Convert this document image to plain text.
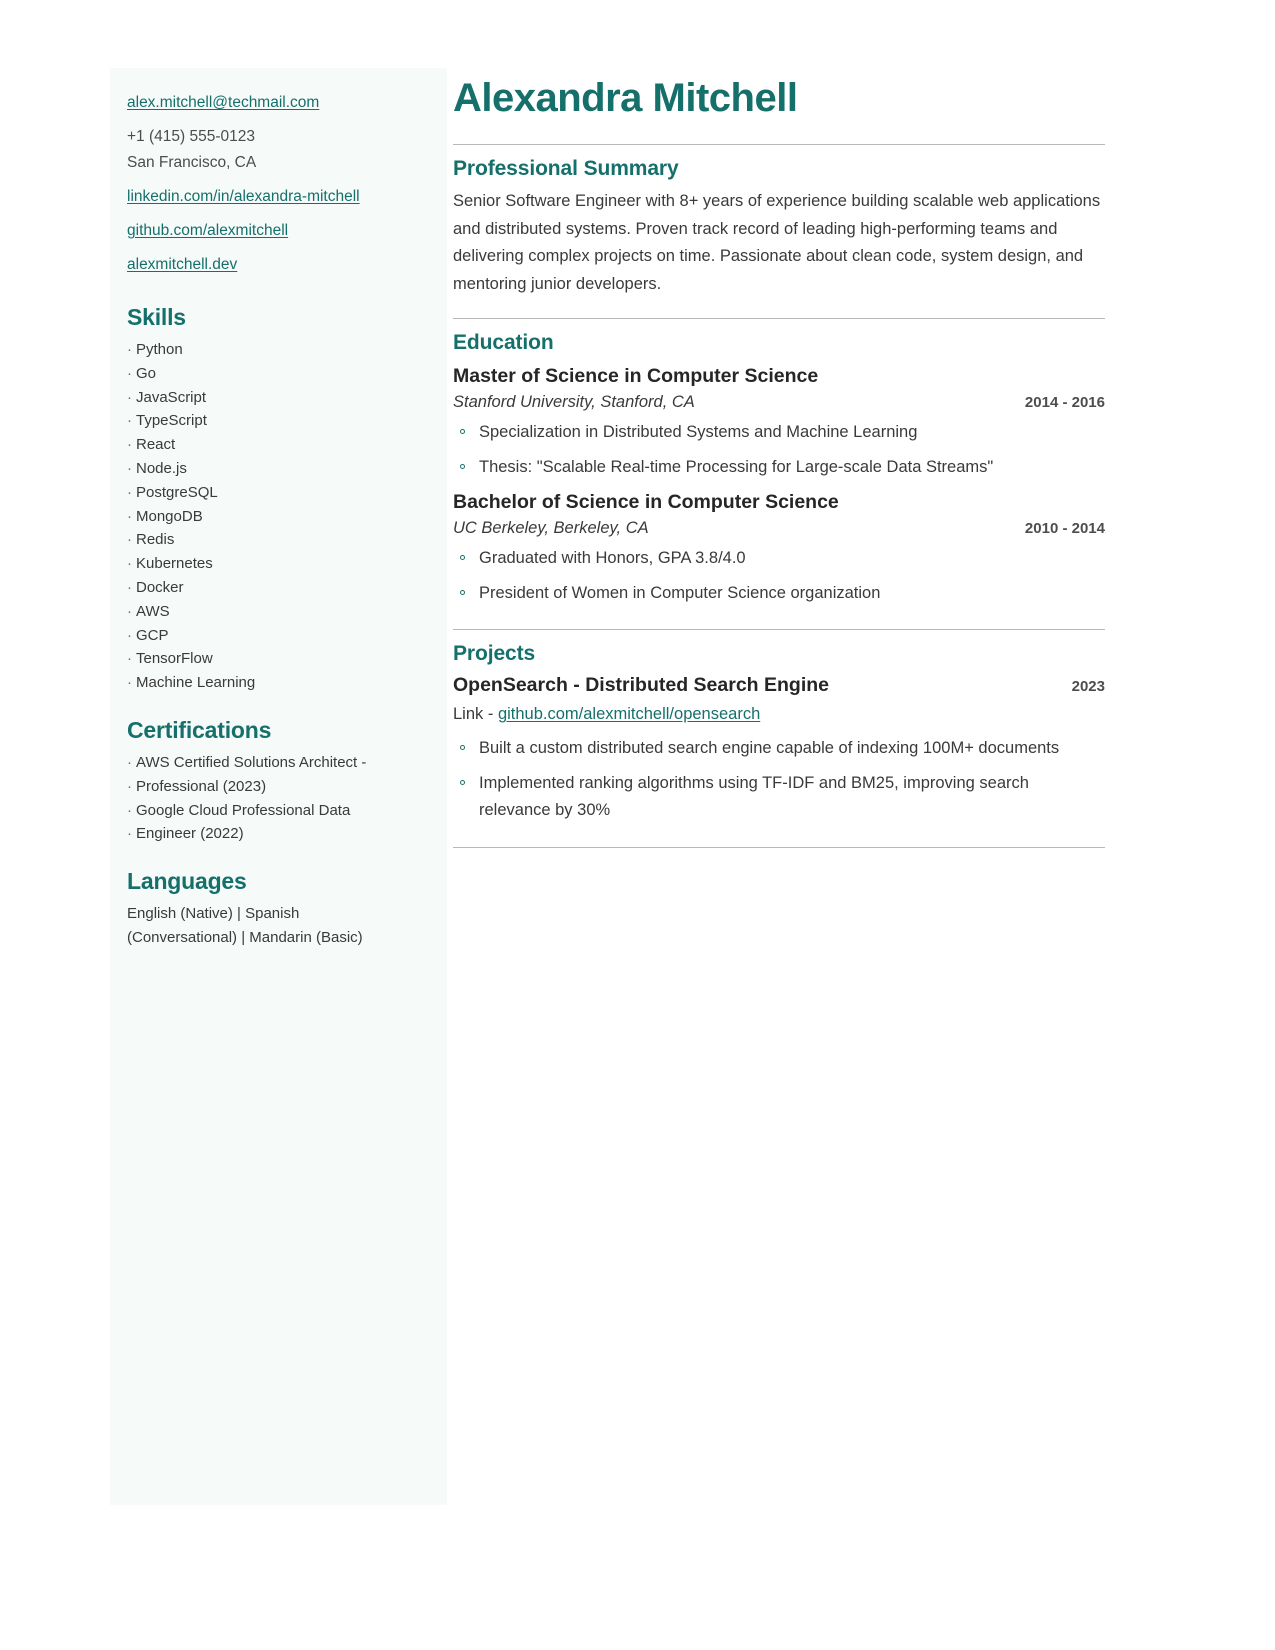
alex.mitchell@techmail.com
+1 (415) 555-0123
San Francisco, CA
linkedin.com/in/alexandra-mitchell
github.com/alexmitchell
alexmitchell.dev
Skills
· Python
· Go
· JavaScript
· TypeScript
· React
· Node.js
· PostgreSQL
· MongoDB
· Redis
· Kubernetes
· Docker
· AWS
· GCP
· TensorFlow
· Machine Learning
Certifications
· AWS Certified Solutions Architect -
· Professional (2023)
· Google Cloud Professional Data
· Engineer (2022)
Languages

English (Native) | Spanish (Conversational) | Mandarin (Basic)

Alexandra Mitchell
Professional Summary

Senior Software Engineer with 8+ years of experience building scalable web applications and distributed systems. Proven track record of leading high-performing teams and delivering complex projects on time. Passionate about clean code, system design, and mentoring junior developers.

Education
Master of Science in Computer Science
Stanford University, Stanford, CA	2014 - 2016
Specialization in Distributed Systems and Machine Learning
Thesis: "Scalable Real-time Processing for Large-scale Data Streams"
Bachelor of Science in Computer Science
UC Berkeley, Berkeley, CA	2010 - 2014
Graduated with Honors, GPA 3.8/4.0
President of Women in Computer Science organization
Projects
OpenSearch - Distributed Search Engine	2023

Link - github.com/alexmitchell/opensearch

Built a custom distributed search engine capable of indexing 100M+ documents
Implemented ranking algorithms using TF-IDF and BM25, improving search relevance by 30%
